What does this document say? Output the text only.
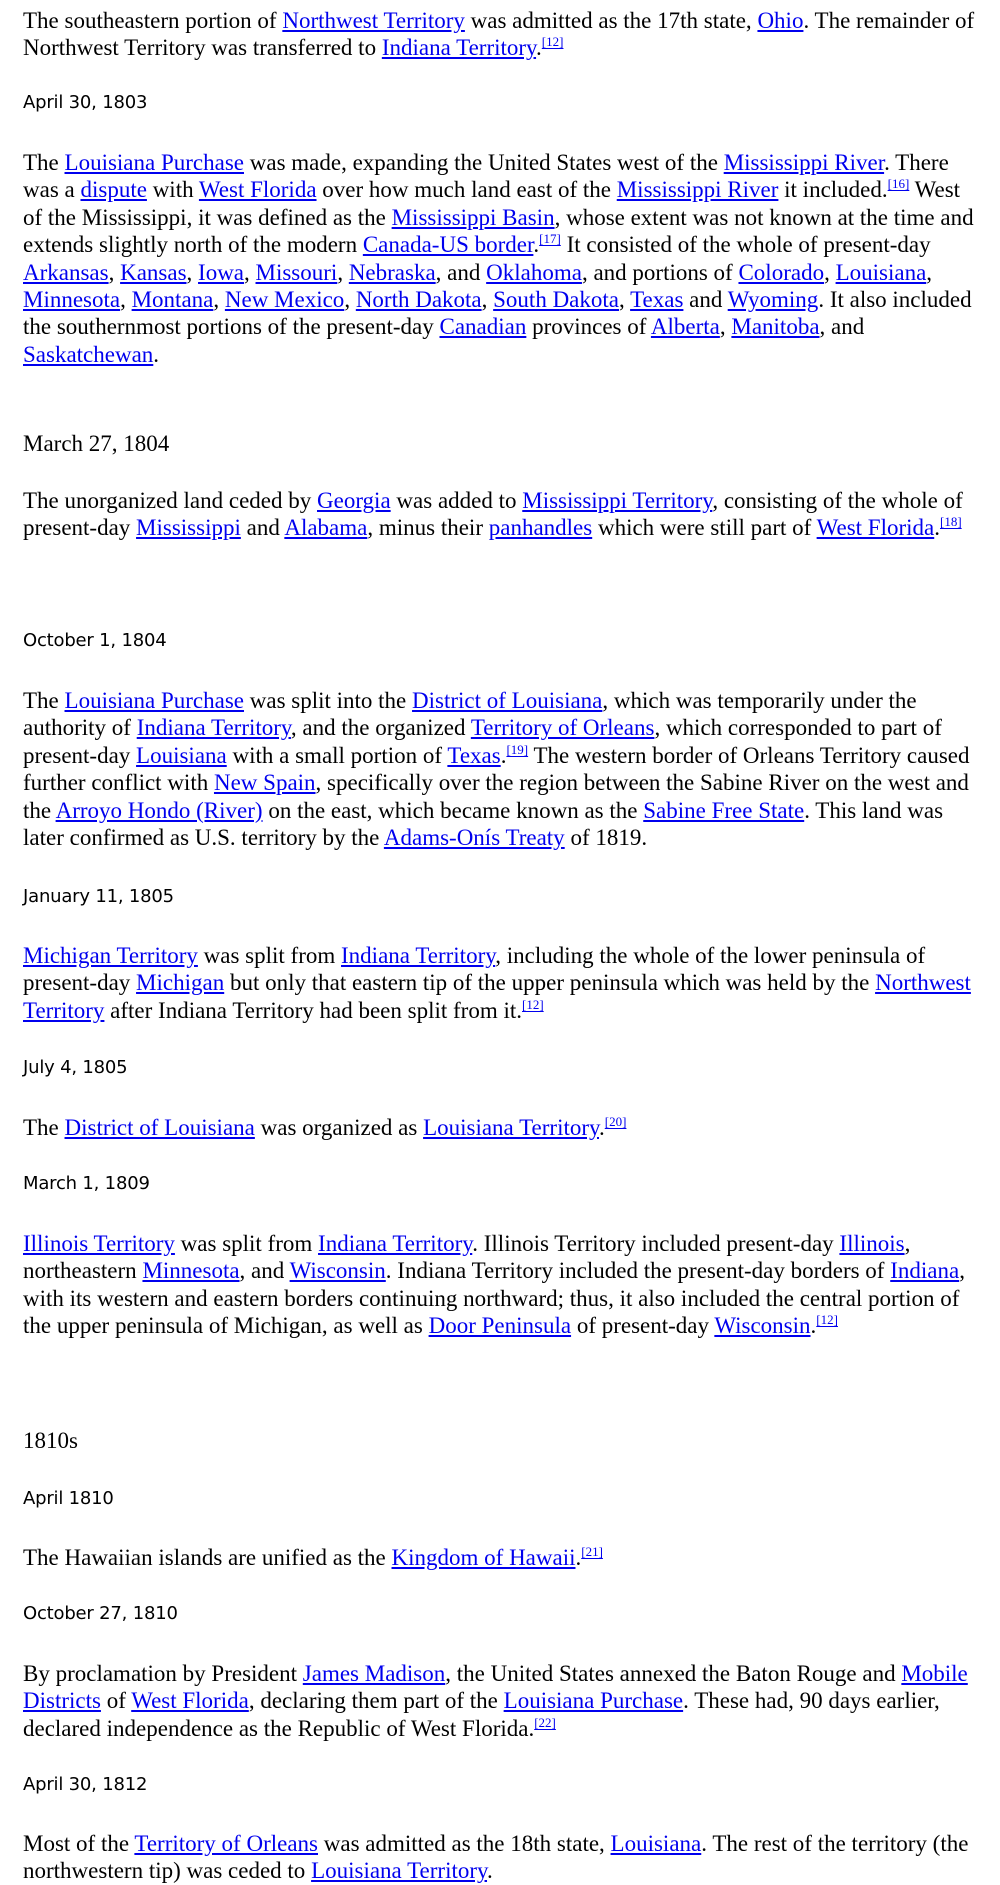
The southeastern portion of Northwest Territory was admitted as the 17th state, Ohio. The remainder of Northwest Territory was transferred to Indiana Territory.[12]

April 30, 1803

The Louisiana Purchase was made, expanding the United States west of the Mississippi River. There was a dispute with West Florida over how much land east of the Mississippi River it included.[16] West of the Mississippi, it was defined as the Mississippi Basin, whose extent was not known at the time and extends slightly north of the modern Canada-US border.[17] It consisted of the whole of present-day Arkansas, Kansas, Iowa, Missouri, Nebraska, and Oklahoma, and portions of Colorado, Louisiana, Minnesota, Montana, New Mexico, North Dakota, South Dakota, Texas and Wyoming. It also included the southernmost portions of the present-day Canadian provinces of Alberta, Manitoba, and Saskatchewan.

March 27, 1804

The unorganized land ceded by Georgia was added to Mississippi Territory, consisting of the whole of present-day Mississippi and Alabama, minus their panhandles which were still part of West Florida.[18]

October 1, 1804

The Louisiana Purchase was split into the District of Louisiana, which was temporarily under the authority of Indiana Territory, and the organized Territory of Orleans, which corresponded to part of present-day Louisiana with a small portion of Texas.[19] The western border of Orleans Territory caused further conflict with New Spain, specifically over the region between the Sabine River on the west and the Arroyo Hondo (River) on the east, which became known as the Sabine Free State. This land was later confirmed as U.S. territory by the Adams-Onís Treaty of 1819.

January 11, 1805

Michigan Territory was split from Indiana Territory, including the whole of the lower peninsula of present-day Michigan but only that eastern tip of the upper peninsula which was held by the Northwest Territory after Indiana Territory had been split from it.[12]

July 4, 1805

The District of Louisiana was organized as Louisiana Territory.[20]

March 1, 1809

Illinois Territory was split from Indiana Territory. Illinois Territory included present-day Illinois, northeastern Minnesota, and Wisconsin. Indiana Territory included the present-day borders of Indiana, with its western and eastern borders continuing northward; thus, it also included the central portion of the upper peninsula of Michigan, as well as Door Peninsula of present-day Wisconsin.[12]

1810s
April 1810

The Hawaiian islands are unified as the Kingdom of Hawaii.[21]

October 27, 1810

By proclamation by President James Madison, the United States annexed the Baton Rouge and Mobile Districts of West Florida, declaring them part of the Louisiana Purchase. These had, 90 days earlier, declared independence as the Republic of West Florida.[22]

April 30, 1812

Most of the Territory of Orleans was admitted as the 18th state, Louisiana. The rest of the territory (the northwestern tip) was ceded to Louisiana Territory.
